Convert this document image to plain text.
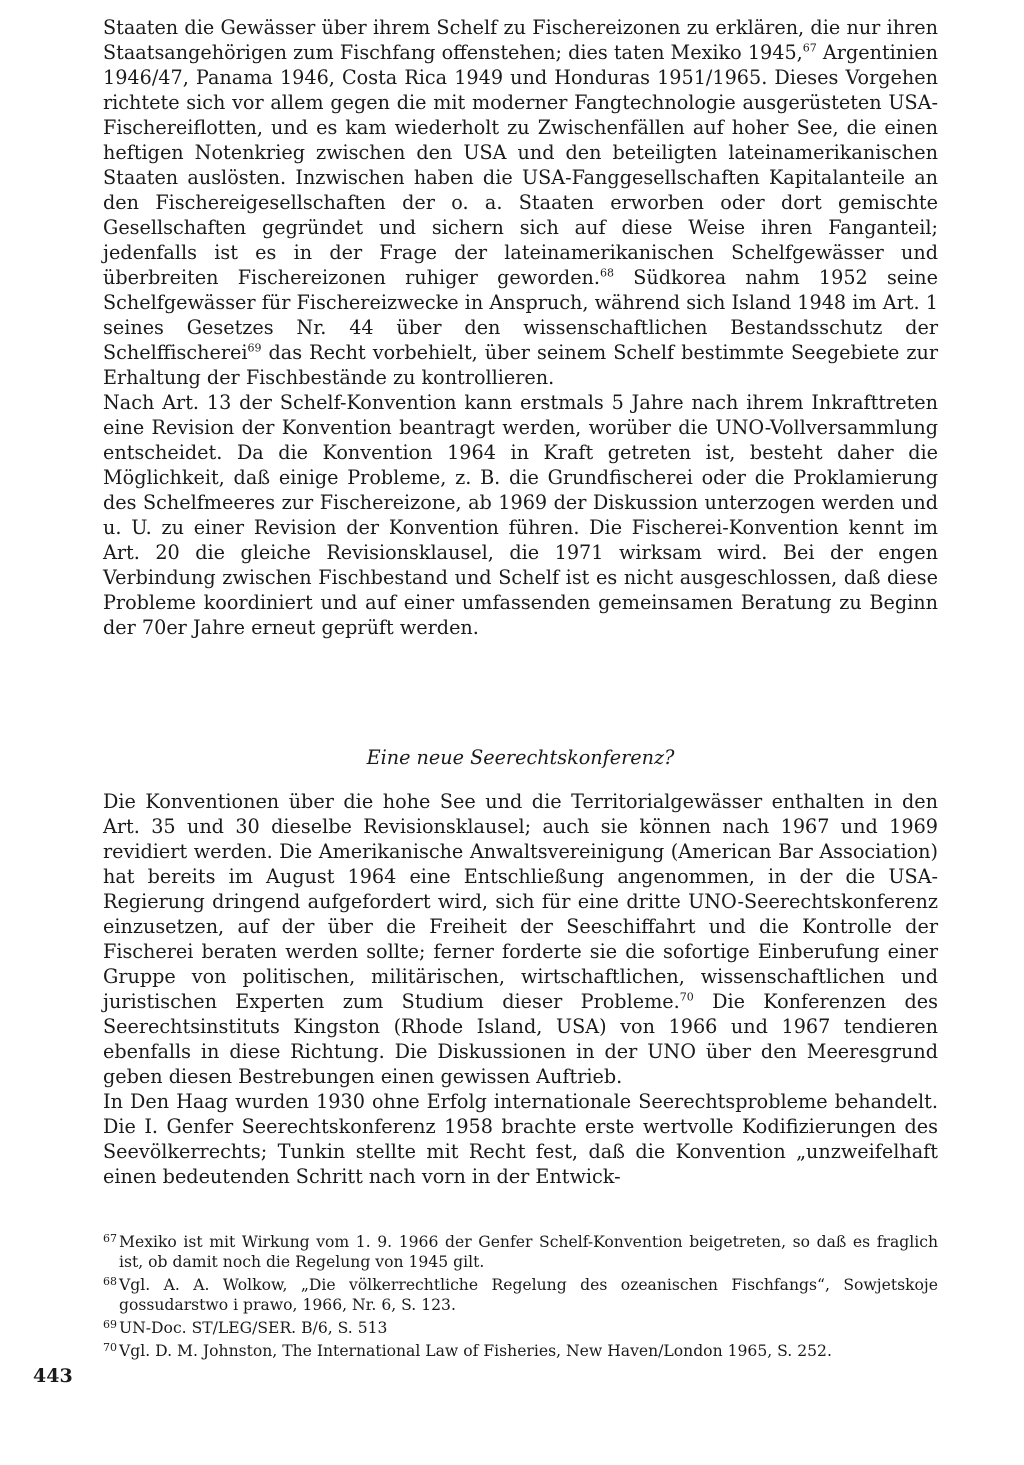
Staaten die Gewässer über ihrem Schelf zu Fischereizonen zu erklären, die nur ihren Staatsangehörigen zum Fischfang offenstehen; dies taten Mexiko 1945,67 Argentinien 1946/47, Panama 1946, Costa Rica 1949 und Honduras 1951/1965. Dieses Vorgehen richtete sich vor allem gegen die mit moderner Fangtechnologie ausgerüsteten USA-Fischereiflotten, und es kam wiederholt zu Zwischenfällen auf hoher See, die einen heftigen Notenkrieg zwischen den USA und den beteiligten lateinamerikanischen Staaten auslösten. Inzwischen haben die USA-Fanggesellschaften Kapitalanteile an den Fischereigesellschaften der o. a. Staaten erworben oder dort gemischte Gesellschaften gegründet und sichern sich auf diese Weise ihren Fanganteil; jedenfalls ist es in der Frage der lateinamerikanischen Schelfgewässer und überbreiten Fischereizonen ruhiger geworden.$^{68}$ Südkorea nahm 1952 seine Schelfgewässer für Fischereizwecke in Anspruch, während sich Island 1948 im Art. 1 seines Gesetzes Nr. 44 über den wissenschaftlichen Bestandsschutz der Schelffischerei$^{69}$ das Recht vorbehielt, über seinem Schelf bestimmte Seegebiete zur Erhaltung der Fischbestände zu kontrollieren.

Nach Art. 13 der Schelf-Konvention kann erstmals 5 Jahre nach ihrem Inkrafttreten eine Revision der Konvention beantragt werden, worüber die UNO-Vollversammlung entscheidet. Da die Konvention 1964 in Kraft getreten ist, besteht daher die Möglichkeit, daß einige Probleme, z. B. die Grundfischerei oder die Proklamierung des Schelfmeeres zur Fischereizone, ab 1969 der Diskussion unterzogen werden und u. U. zu einer Revision der Konvention führen. Die Fischerei-Konvention kennt im Art. 20 die gleiche Revisionsklausel, die 1971 wirksam wird. Bei der engen Verbindung zwischen Fischbestand und Schelf ist es nicht ausgeschlossen, daß diese Probleme koordiniert und auf einer umfassenden gemeinsamen Beratung zu Beginn der 70er Jahre erneut geprüft werden.

Eine neue Seerechtskonferenz?

Die Konventionen über die hohe See und die Territorialgewässer enthalten in den Art. 35 und 30 dieselbe Revisionsklausel; auch sie können nach 1967 und 1969 revidiert werden. Die Amerikanische Anwaltsvereinigung (American Bar Association) hat bereits im August 1964 eine Entschließung angenommen, in der die USA-Regierung dringend aufgefordert wird, sich für eine dritte UNO-Seerechtskonferenz einzusetzen, auf der über die Freiheit der Seeschiffahrt und die Kontrolle der Fischerei beraten werden sollte; ferner forderte sie die sofortige Einberufung einer Gruppe von politischen, militärischen, wirtschaftlichen, wissenschaftlichen und juristischen Experten zum Studium dieser Probleme.$^{70}$ Die Konferenzen des Seerechtsinstituts Kingston (Rhode Island, USA) von 1966 und 1967 tendieren ebenfalls in diese Richtung. Die Diskussionen in der UNO über den Meeresgrund geben diesen Bestrebungen einen gewissen Auftrieb.

In Den Haag wurden 1930 ohne Erfolg internationale Seerechtsprobleme behandelt. Die I. Genfer Seerechtskonferenz 1958 brachte erste wertvolle Kodifizierungen des Seevölkerrechts; Tunkin stellte mit Recht fest, daß die Konvention „unzweifelhaft einen bedeutenden Schritt nach vorn in der Entwick-

67 Mexiko ist mit Wirkung vom 1. 9. 1966 der Genfer Schelf-Konvention beigetreten, so daß es fraglich ist, ob damit noch die Regelung von 1945 gilt.
68 Vgl. A. A. Wolkow, „Die völkerrechtliche Regelung des ozeanischen Fischfangs“, Sowjetskoje gossudarstwo i prawo, 1966, Nr. 6, S. 123.
69 UN-Doc. ST/LEG/SER. B/6, S. 513
70 Vgl. D. M. Johnston, The International Law of Fisheries, New Haven/London 1965, S. 252.
443
